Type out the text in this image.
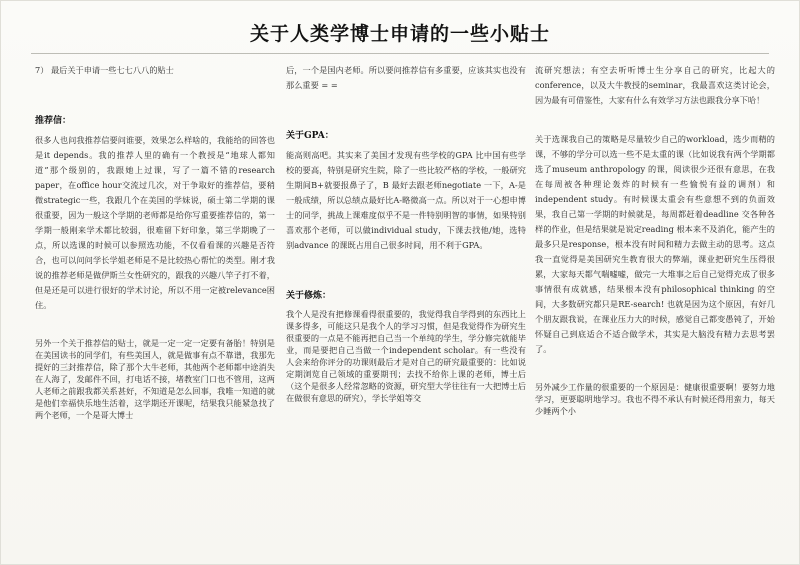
关于人类学博士申请的一些小贴士

7） 最后关于申请一些七七八八的贴士

推荐信：

很多人也问我推荐信要问谁要，效果怎么样啥的，我能给的回答也是it depends。我的推荐人里的确有一个教授是“地球人都知道”那个级别的，我跟她上过课，写了一篇不错的research paper，在office hour交流过几次，对于争取好的推荐信，要稍微strategic一些，我跟几个在美国的学妹说，硕士第二学期的课很重要，因为一般这个学期的老师都是给你写重要推荐信的，第一学期一般刚来学术都比较弱，很难留下好印象，第三学期晚了一点，所以选课的时候可以参照选功能，不仅看看课的兴趣是否符合，也可以问问学长学姐老师是不是比较热心帮忙的类型。刚才我说的推荐老师是做伊斯兰女性研究的，跟我的兴趣八竿子打不着，但是还是可以进行很好的学术讨论，所以不用一定被relevance困住。

另外一个关于推荐信的贴士，就是一定一定一定要有备胎！特别是在美国读书的同学们，有些美国人，就是做事有点不靠谱，我那先提好的三封推荐信，除了那个大牛老师，其他两个老师都中途消失在人海了，发邮件不回，打电话不接，堵教室门口也不管用，这两人老师之前跟我都关系甚好，不知道是怎么回事，我唯一知道的就是他们幸福快乐地生活着，这学期还开课呢，结果我只能紧急找了两个老师，一个是哥大博士

后，一个是国内老师。所以要问推荐信有多重要，应该其实也没有那么重要 = =

关于GPA：

能高则高吧。其实来了美国才发现有些学校的GPA 比中国有些学校的要高，特别是研究生院，除了一些比较严格的学校，一般研究生期间B+就要报鼻子了，B 最好去跟老师negotiate 一下，A-是一般成绩，所以总绩点最好比A-略微高一点。所以对于一心想申博士的同学，挑战上课难度似乎不是一件特别明智的事情，如果特别喜欢那个老师，可以做individual study，下课去找他/她，选特别advance 的课既占用自己很多时间，用不利于GPA。

关于修炼：

我个人是没有把修课看得很重要的，我觉得我自学得到的东西比上课多得多，可能这只是我个人的学习习惯，但是我觉得作为研究生很重要的一点是不能再把自己当一个单纯的学生，学分修完就能毕业，而是要把自己当做一个independent scholar。有一些没有人会来给你评分的功课则最后才是对自己的研究最重要的：比如说定期浏览自己领域的重要期刊；去找不给你上课的老师，博士后（这个是很多人经常忽略的资源，研究型大学往往有一大把博士后在做很有意思的研究），学长学姐等交

流研究想法；有空去听听博士生分享自己的研究，比起大的conference，以及大牛教授的seminar，我最喜欢这类讨论会，因为最有可借鉴性，大家有什么有效学习方法也跟我分享下哈！

关于选课我自己的策略是尽量较少自己的workload，选少而精的课，不够的学分可以选一些不是太重的课（比如说我有两个学期都选了museum anthropology 的课，阅读很少还很有意思，在我在每周被各种理论轰炸的时候有一些愉悦有益的调剂）和independent study。有时候课太重会有些意想不到的负面效果，我自己第一学期的时候就是，每周都赶着deadline 交各种各样的作业，但是结果就是说定reading 根本来不及消化，能产生的最多只是response，根本没有时间和精力去做主动的思考。这点我一直觉得是美国研究生教育很大的弊端，课业把研究生压得很累，大家每天都气喘嘘嘘，做完一大堆事之后自己觉得充成了很多事情很有成就感，结果根本没有philosophical thinking 的空间，大多数研究都只是RE-search! 也就是因为这个原因，有好几个朋友跟我说，在课业压力大的时候，感觉自己都变愚钝了，开始怀疑自己到底适合不适合做学术，其实是大脑没有精力去思考罢了。

另外减少工作量的很重要的一个原因是：健康很重要啊！要努力地学习，更要聪明地学习。我也不得不承认有时候还得用蛮力，每天少睡两个小
